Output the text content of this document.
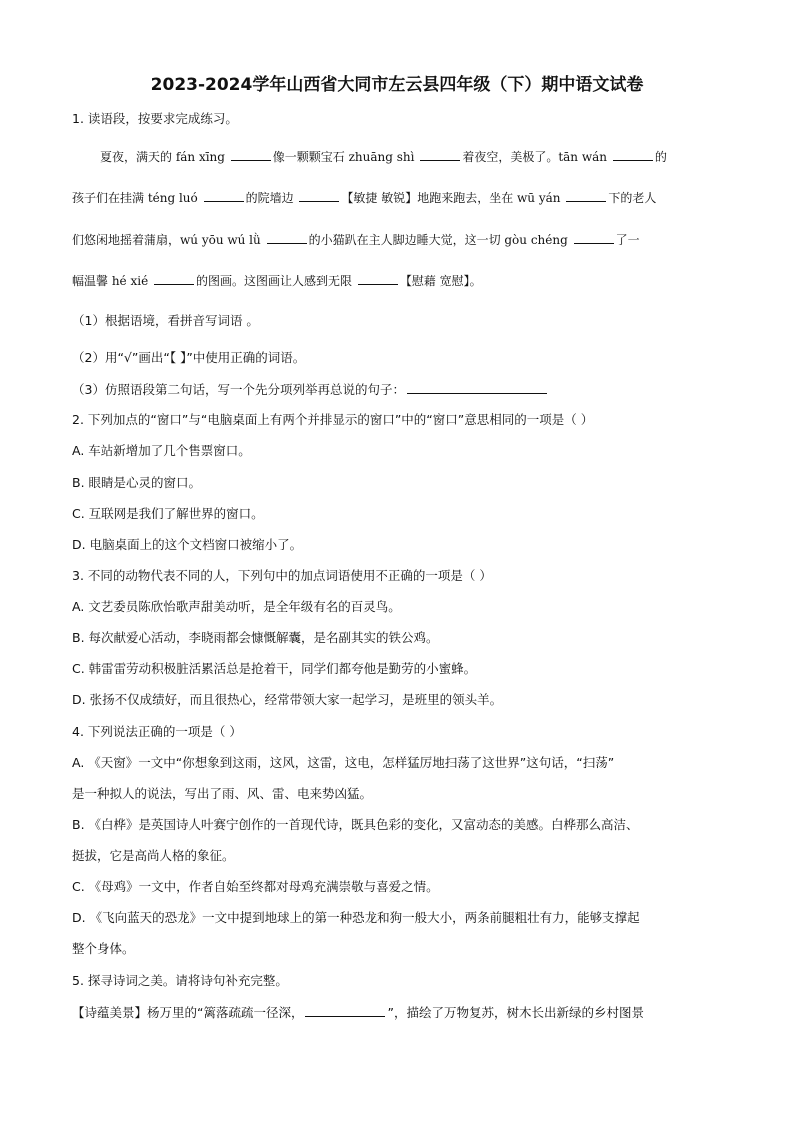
2023-2024学年山西省大同市左云县四年级（下）期中语文试卷
1. 读语段，按要求完成练习。
夏夜，满天的 fán xīng	像一颗颗宝石 zhuāng shì	着夜空，美极了。tān wán	的
孩子们在挂满 téng luó	的院墙边	【敏捷 敏锐】地跑来跑去，坐在 wū yán	下的老人
们悠闲地摇着蒲扇，wú yōu wú lǜ	的小猫趴在主人脚边睡大觉，这一切 gòu chéng	了一
幅温馨 hé xié	的图画。这图画让人感到无限	【慰藉 宽慰】。
（1）根据语境，看拼音写词语 。
（2）用“√”画出“【 】”中使用正确的词语。
（3）仿照语段第二句话，写一个先分项列举再总说的句子：
2. 下列加点的“窗口”与“电脑桌面上有两个并排显示的窗口”中的“窗口”意思相同的一项是（ ）
A. 车站新增加了几个售票窗口。
B. 眼睛是心灵的窗口。
C. 互联网是我们了解世界的窗口。
D. 电脑桌面上的这个文档窗口被缩小了。
3. 不同的动物代表不同的人，下列句中的加点词语使用不正确的一项是（ ）
A. 文艺委员陈欣怡歌声甜美动听，是全年级有名的百灵鸟。
B. 每次献爱心活动，李晓雨都会慷慨解囊，是名副其实的铁公鸡。
C. 韩雷雷劳动积极脏活累活总是抢着干，同学们都夸他是勤劳的小蜜蜂。
D. 张扬不仅成绩好，而且很热心，经常带领大家一起学习，是班里的领头羊。
4. 下列说法正确的一项是（ ）
A. 《天窗》一文中“你想象到这雨，这风，这雷，这电，怎样猛厉地扫荡了这世界”这句话，“扫荡”
是一种拟人的说法，写出了雨、风、雷、电来势凶猛。
B. 《白桦》是英国诗人叶赛宁创作的一首现代诗，既具色彩的变化，又富动态的美感。白桦那么高洁、
挺拔，它是高尚人格的象征。
C. 《母鸡》一文中，作者自始至终都对母鸡充满崇敬与喜爱之情。
D. 《飞向蓝天的恐龙》一文中提到地球上的第一种恐龙和狗一般大小，两条前腿粗壮有力，能够支撑起
整个身体。
5. 探寻诗词之美。请将诗句补充完整。
【诗蕴美景】杨万里的“篱落疏疏一径深，	”，描绘了万物复苏，树木长出新绿的乡村图景
